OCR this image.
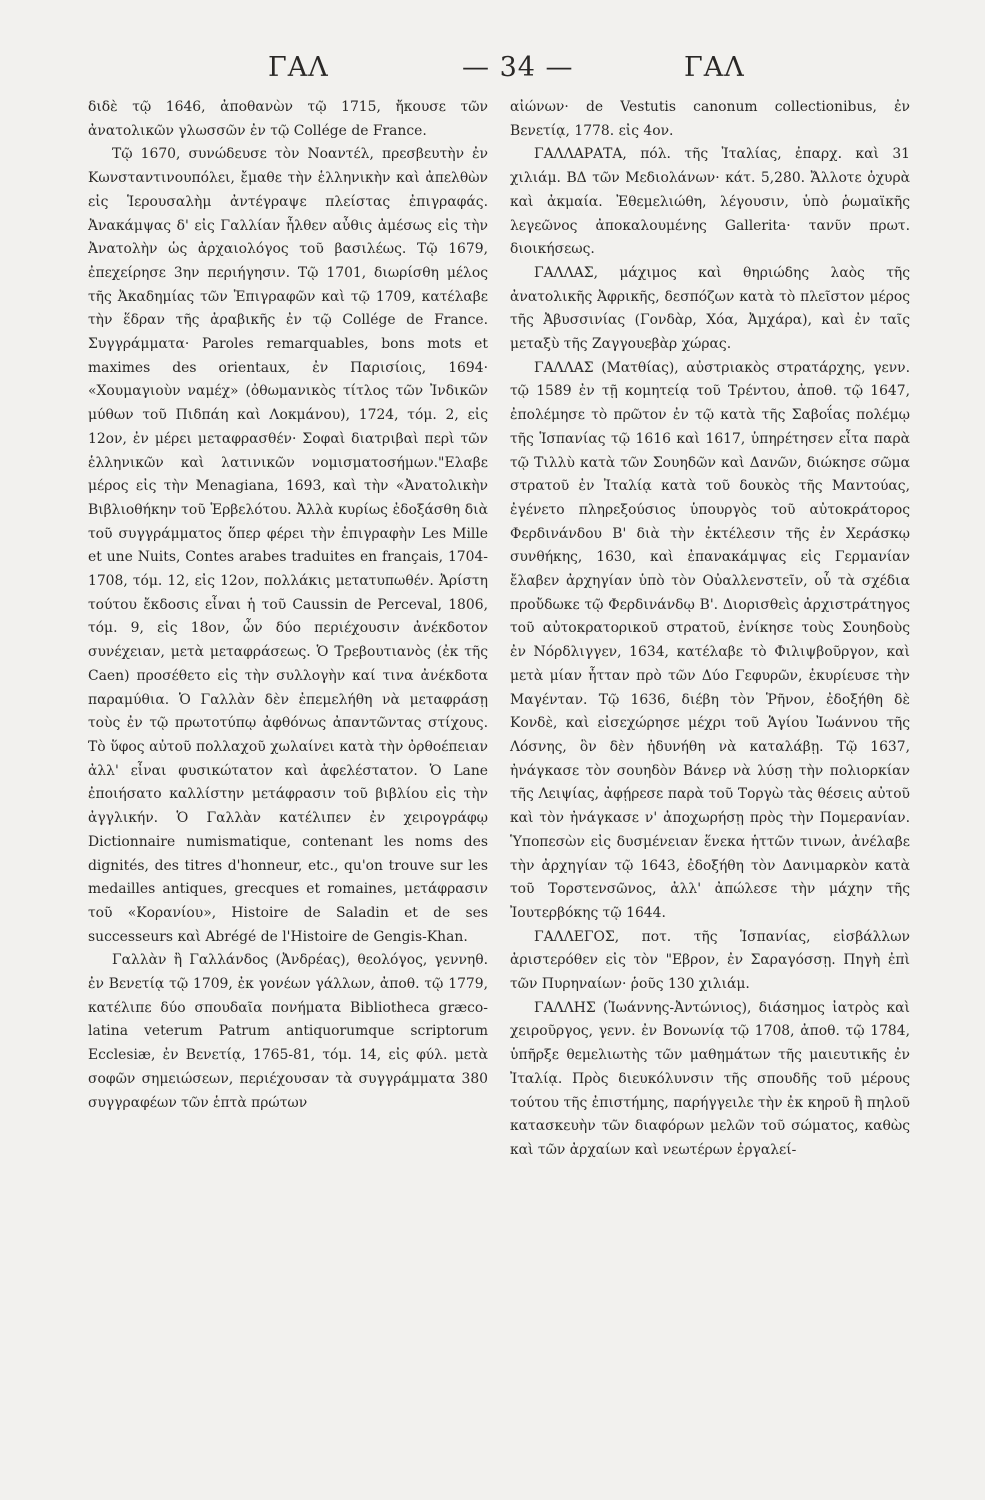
ΓΑΛ	— 34 —	ΓΑΛ

διδὲ τῷ 1646, ἀποθανὼν τῷ 1715, ἤκουσε τῶν ἀνατολικῶν γλωσσῶν ἐν τῷ Collége de France.

Τῷ 1670, συνώδευσε τὸν Νοαντέλ, πρεσβευτὴν ἐν Κωνσταντινουπόλει, ἔμαθε τὴν ἑλληνικὴν καὶ ἀπελθὼν εἰς Ἱερουσαλὴμ ἀντέγραψε πλείστας ἐπιγραφάς. Ἀνακάμψας δ' εἰς Γαλλίαν ἦλθεν αὖθις ἀμέσως εἰς τὴν Ἀνατολὴν ὡς ἀρχαιολόγος τοῦ βασιλέως. Τῷ 1679, ἐπεχείρησε 3ην περιήγησιν. Τῷ 1701, διωρίσθη μέλος τῆς Ἀκαδημίας τῶν Ἐπιγραφῶν καὶ τῷ 1709, κατέλαβε τὴν ἕδραν τῆς ἀραβικῆς ἐν τῷ Collége de France. Συγγράμματα· Paroles remarquables, bons mots et maximes des orientaux, ἐν Παρισίοις, 1694· «Χουμαγιοὺν ναμέχ» (ὀθωμανικὸς τίτλος τῶν Ἰνδικῶν μύθων τοῦ Πιδπάη καὶ Λοκμάνου), 1724, τόμ. 2, εἰς 12ον, ἐν μέρει μεταφρασθέν· Σοφαὶ διατριβαὶ περὶ τῶν ἑλληνικῶν καὶ λατινικῶν νομισματοσήμων."Ελαβε μέρος εἰς τὴν Menagiana, 1693, καὶ τὴν «Ἀνατολικὴν Βιβλιοθήκην τοῦ Ἑρβελότου. Ἀλλὰ κυρίως ἐδοξάσθη διὰ τοῦ συγγράμματος ὅπερ φέρει τὴν ἐπιγραφὴν Les Mille et une Nuits, Contes arabes traduites en français, 1704-1708, τόμ. 12, εἰς 12ον, πολλάκις μετατυπωθέν. Ἀρίστη τούτου ἔκδοσις εἶναι ἡ τοῦ Caussin de Perceval, 1806, τόμ. 9, εἰς 18ον, ὧν δύο περιέχουσιν ἀνέκδοτον συνέχειαν, μετὰ μεταφράσεως. Ὁ Τρεβουτιανὸς (ἐκ τῆς Caen) προσέθετο εἰς τὴν συλλογὴν καί τινα ἀνέκδοτα παραμύθια. Ὁ Γαλλὰν δὲν ἐπεμελήθη νὰ μεταφράσῃ τοὺς ἐν τῷ πρωτοτύπῳ ἀφθόνως ἀπαντῶντας στίχους. Τὸ ὕφος αὐτοῦ πολλαχοῦ χωλαίνει κατὰ τὴν ὀρθοέπειαν ἀλλ' εἶναι φυσικώτατον καὶ ἀφελέστατον. Ὁ Lane ἐποιήσατο καλλίστην μετάφρασιν τοῦ βιβλίου εἰς τὴν ἀγγλικήν. Ὁ Γαλλὰν κατέλιπεν ἐν χειρογράφῳ Dictionnaire numismatique, contenant les noms des dignités, des titres d'honneur, etc., qu'on trouve sur les medailles antiques, grecques et romaines, μετάφρασιν τοῦ «Κορανίου», Histoire de Saladin et de ses successeurs καὶ Abrégé de l'Histoire de Gengis-Khan.

Γαλλὰν ἢ Γαλλάνδος (Ἀνδρέας), θεολόγος, γεννηθ. ἐν Βενετίᾳ τῷ 1709, ἐκ γονέων γάλλων, ἀποθ. τῷ 1779, κατέλιπε δύο σπουδαῖα πονήματα Bibliotheca græco-latina veterum Patrum antiquorumque scriptorum Ecclesiæ, ἐν Βενετίᾳ, 1765-81, τόμ. 14, εἰς φύλ. μετὰ σοφῶν σημειώσεων, περιέχουσαν τὰ συγγράμματα 380 συγγραφέων τῶν ἑπτὰ πρώτων

αἰώνων· de Vestutis canonum collectionibus, ἐν Βενετίᾳ, 1778. εἰς 4ον.

ΓΑΛΛΑΡΑΤΑ, πόλ. τῆς Ἰταλίας, ἐπαρχ. καὶ 31 χιλιάμ. ΒΔ τῶν Μεδιολάνων· κάτ. 5,280. Ἄλλοτε ὀχυρὰ καὶ ἀκμαία. Ἐθεμελιώθη, λέγουσιν, ὑπὸ ῥωμαϊκῆς λεγεῶνος ἀποκαλουμένης Gallerita· τανῦν πρωτ. διοικήσεως.

ΓΑΛΛΑΣ, μάχιμος καὶ θηριώδης λαὸς τῆς ἀνατολικῆς Ἀφρικῆς, δεσπόζων κατὰ τὸ πλεῖστον μέρος τῆς Ἀβυσσινίας (Γονδὰρ, Χόα, Ἀμχάρα), καὶ ἐν ταῖς μεταξὺ τῆς Ζαγγουεβὰρ χώρας.

ΓΑΛΛΑΣ (Ματθίας), αὐστριακὸς στρατάρχης, γενν. τῷ 1589 ἐν τῇ κομητείᾳ τοῦ Τρέντου, ἀποθ. τῷ 1647, ἐπολέμησε τὸ πρῶτον ἐν τῷ κατὰ τῆς Σαβοΐας πολέμῳ τῆς Ἱσπανίας τῷ 1616 καὶ 1617, ὑπηρέτησεν εἶτα παρὰ τῷ Τιλλὺ κατὰ τῶν Σουηδῶν καὶ Δανῶν, διώκησε σῶμα στρατοῦ ἐν Ἰταλίᾳ κατὰ τοῦ δουκὸς τῆς Μαντούας, ἐγένετο πληρεξούσιος ὑπουργὸς τοῦ αὐτοκράτορος Φερδινάνδου Β' διὰ τὴν ἐκτέλεσιν τῆς ἐν Χεράσκῳ συνθήκης, 1630, καὶ ἐπανακάμψας εἰς Γερμανίαν ἔλαβεν ἀρχηγίαν ὑπὸ τὸν Οὐαλλενστεῖν, οὗ τὰ σχέδια προὔδωκε τῷ Φερδινάνδῳ Β'. Διορισθεὶς ἀρχιστράτηγος τοῦ αὐτοκρατορικοῦ στρατοῦ, ἐνίκησε τοὺς Σουηδοὺς ἐν Νόρδλιγγεν, 1634, κατέλαβε τὸ Φιλιψβοῦργον, καὶ μετὰ μίαν ἧτταν πρὸ τῶν Δύο Γεφυρῶν, ἐκυρίευσε τὴν Μαγένταν. Τῷ 1636, διέβη τὸν Ῥῆνον, ἐδοξήθη δὲ Κονδὲ, καὶ εἰσεχώρησε μέχρι τοῦ Ἁγίου Ἰωάννου τῆς Λόσνης, ὃν δὲν ἠδυνήθη νὰ καταλάβῃ. Τῷ 1637, ἠνάγκασε τὸν σουηδὸν Βάνερ νὰ λύσῃ τὴν πολιορκίαν τῆς Λειψίας, ἀφῄρεσε παρὰ τοῦ Τοργὼ τὰς θέσεις αὐτοῦ καὶ τὸν ἠνάγκασε ν' ἀποχωρήσῃ πρὸς τὴν Πομερανίαν. Ὑποπεσὼν εἰς δυσμένειαν ἕνεκα ἡττῶν τινων, ἀνέλαβε τὴν ἀρχηγίαν τῷ 1643, ἐδοξήθη τὸν Δανιμαρκὸν κατὰ τοῦ Τορστενσῶνος, ἀλλ' ἀπώλεσε τὴν μάχην τῆς Ἰουτερβόκης τῷ 1644.

ΓΑΛΛΕΓΟΣ, ποτ. τῆς Ἱσπανίας, εἰσβάλλων ἀριστερόθεν εἰς τὸν "Εβρον, ἐν Σαραγόσσῃ. Πηγὴ ἐπὶ τῶν Πυρηναίων· ῥοῦς 130 χιλιάμ.

ΓΑΛΛΗΣ (Ἰωάννης-Ἀντώνιος), διάσημος ἰατρὸς καὶ χειροῦργος, γενν. ἐν Βονωνίᾳ τῷ 1708, ἀποθ. τῷ 1784, ὑπῆρξε θεμελιωτὴς τῶν μαθημάτων τῆς μαιευτικῆς ἐν Ἰταλίᾳ. Πρὸς διευκόλυνσιν τῆς σπουδῆς τοῦ μέρους τούτου τῆς ἐπιστήμης, παρήγγειλε τὴν ἐκ κηροῦ ἢ πηλοῦ κατασκευὴν τῶν διαφόρων μελῶν τοῦ σώματος, καθὼς καὶ τῶν ἀρχαίων καὶ νεωτέρων ἐργαλεί-
